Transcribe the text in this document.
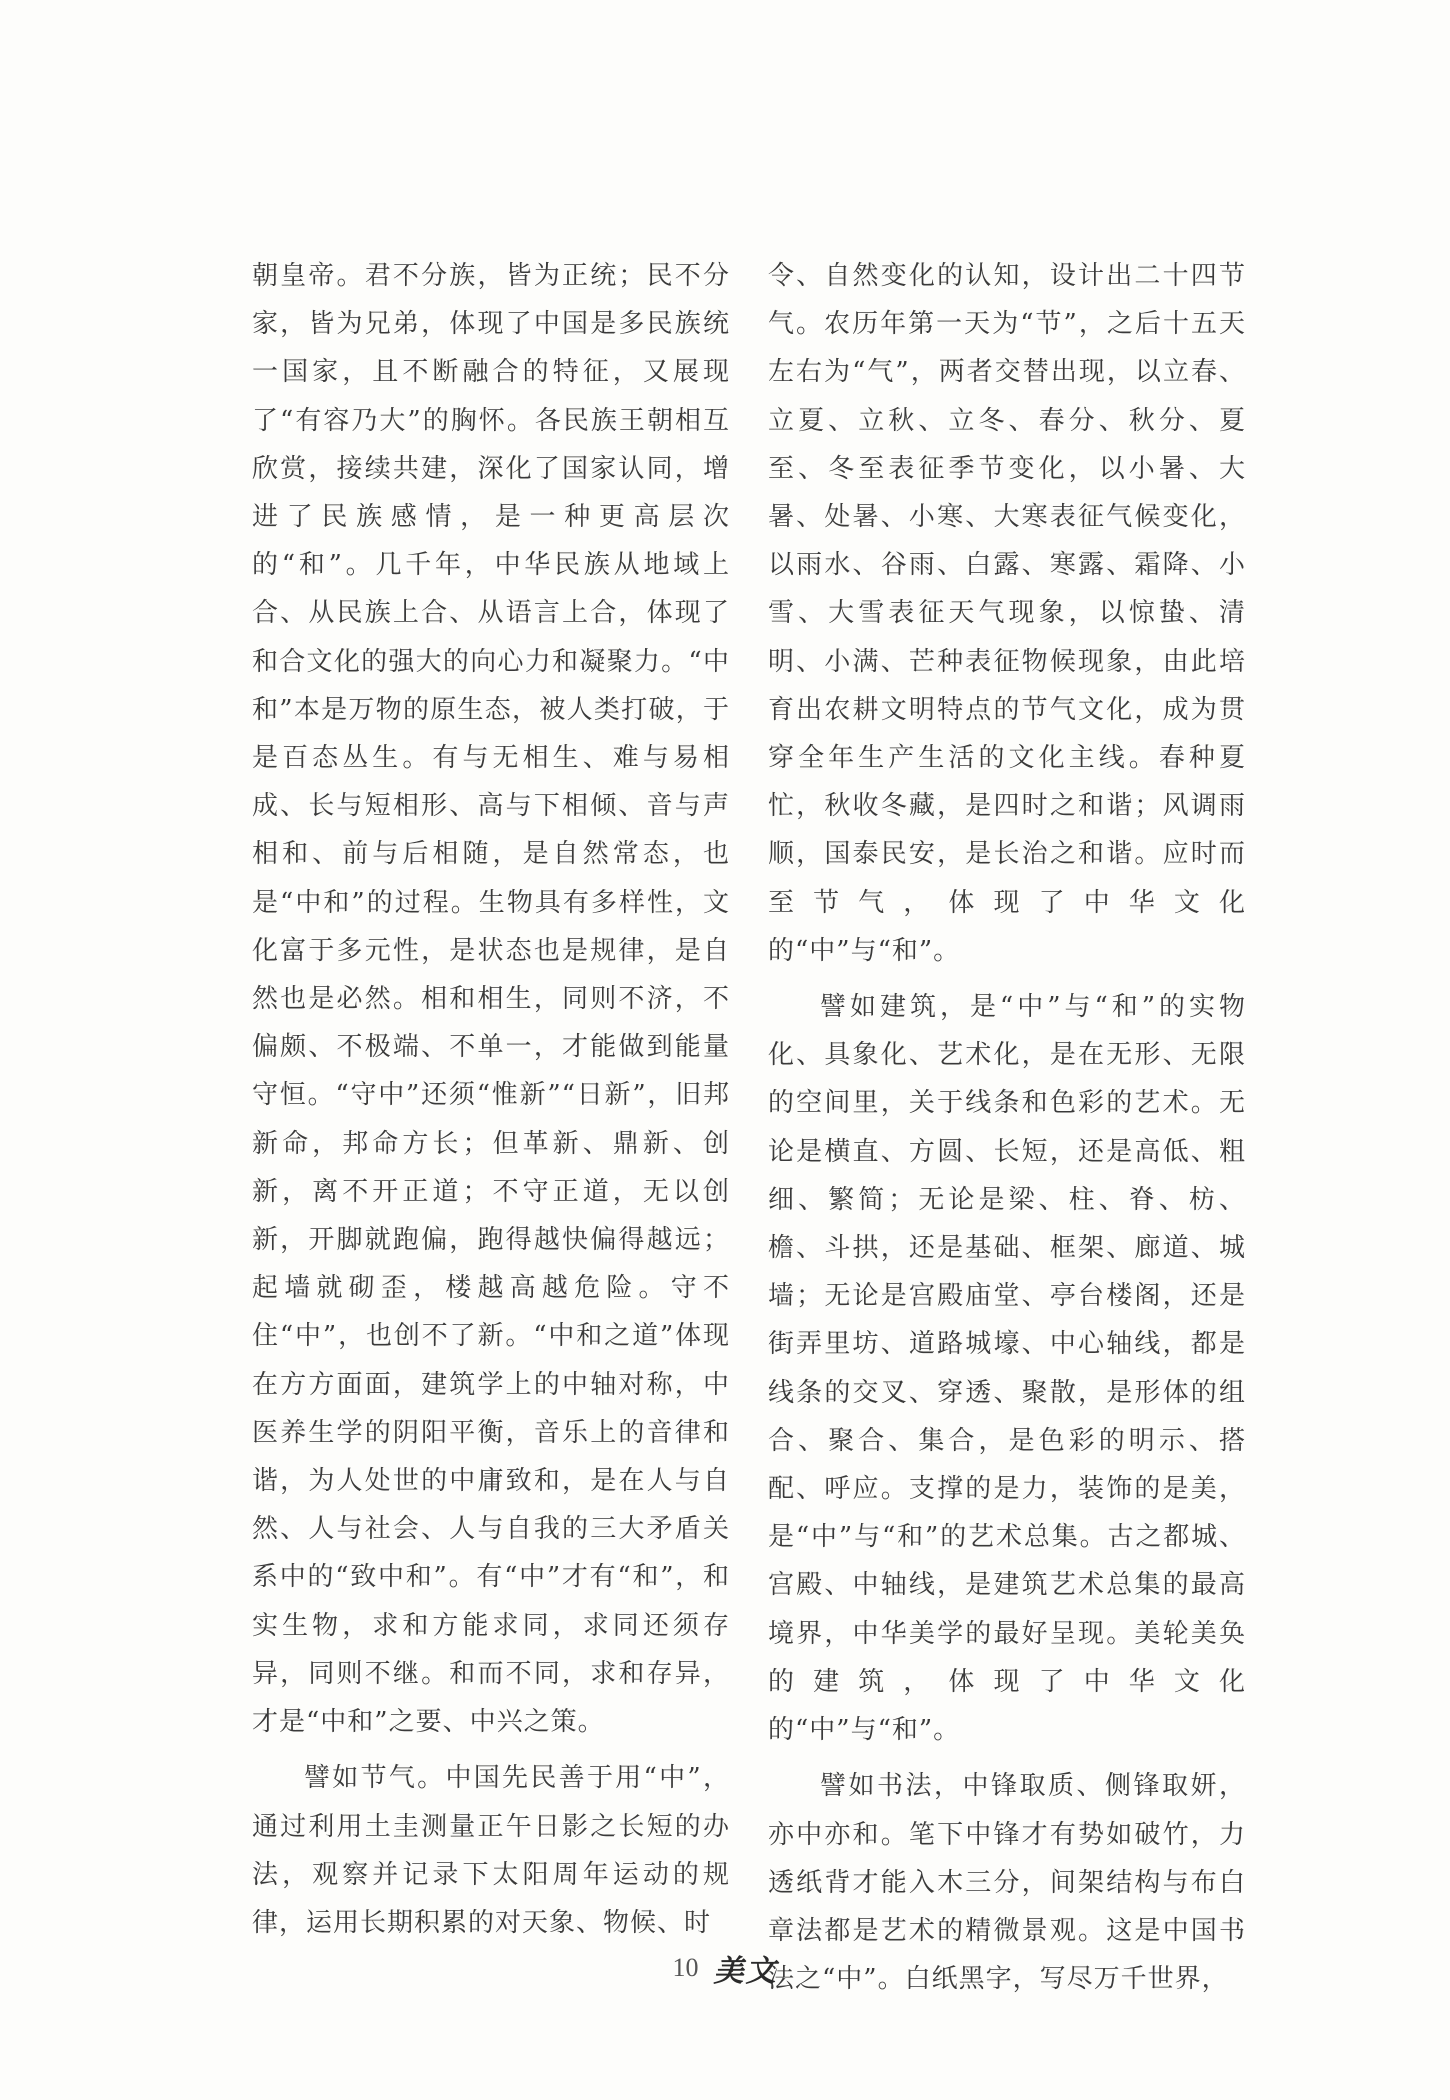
朝皇帝。君不分族，皆为正统；民不分家，皆为兄弟，体现了中国是多民族统一国家，且不断融合的特征，又展现了“有容乃大”的胸怀。各民族王朝相互欣赏，接续共建，深化了国家认同，增进了民族感情，是一种更高层次的“和”。几千年，中华民族从地域上合、从民族上合、从语言上合，体现了和合文化的强大的向心力和凝聚力。“中和”本是万物的原生态，被人类打破，于是百态丛生。有与无相生、难与易相成、长与短相形、高与下相倾、音与声相和、前与后相随，是自然常态，也是“中和”的过程。生物具有多样性，文化富于多元性，是状态也是规律，是自然也是必然。相和相生，同则不济，不偏颇、不极端、不单一，才能做到能量守恒。“守中”还须“惟新”“日新”，旧邦新命，邦命方长；但革新、鼎新、创新，离不开正道；不守正道，无以创新，开脚就跑偏，跑得越快偏得越远；起墙就砌歪，楼越高越危险。守不住“中”，也创不了新。“中和之道”体现在方方面面，建筑学上的中轴对称，中医养生学的阴阳平衡，音乐上的音律和谐，为人处世的中庸致和，是在人与自然、人与社会、人与自我的三大矛盾关系中的“致中和”。有“中”才有“和”，和实生物，求和方能求同，求同还须存异，同则不继。和而不同，求和存异，才是“中和”之要、中兴之策。

譬如节气。中国先民善于用“中”，通过利用土圭测量正午日影之长短的办法，观察并记录下太阳周年运动的规律，运用长期积累的对天象、物候、时

令、自然变化的认知，设计出二十四节气。农历年第一天为“节”，之后十五天左右为“气”，两者交替出现，以立春、立夏、立秋、立冬、春分、秋分、夏至、冬至表征季节变化，以小暑、大暑、处暑、小寒、大寒表征气候变化，以雨水、谷雨、白露、寒露、霜降、小雪、大雪表征天气现象，以惊蛰、清明、小满、芒种表征物候现象，由此培育出农耕文明特点的节气文化，成为贯穿全年生产生活的文化主线。春种夏忙，秋收冬藏，是四时之和谐；风调雨顺，国泰民安，是长治之和谐。应时而至节气，体现了中华文化的“中”与“和”。

譬如建筑，是“中”与“和”的实物化、具象化、艺术化，是在无形、无限的空间里，关于线条和色彩的艺术。无论是横直、方圆、长短，还是高低、粗细、繁简；无论是梁、柱、脊、枋、檐、斗拱，还是基础、框架、廊道、城墙；无论是宫殿庙堂、亭台楼阁，还是街弄里坊、道路城壕、中心轴线，都是线条的交叉、穿透、聚散，是形体的组合、聚合、集合，是色彩的明示、搭配、呼应。支撑的是力，装饰的是美，是“中”与“和”的艺术总集。古之都城、宫殿、中轴线，是建筑艺术总集的最高境界，中华美学的最好呈现。美轮美奂的建筑，体现了中华文化的“中”与“和”。

譬如书法，中锋取质、侧锋取妍，亦中亦和。笔下中锋才有势如破竹，力透纸背才能入木三分，间架结构与布白章法都是艺术的精微景观。这是中国书法之“中”。白纸黑字，写尽万千世界，

10 美文
